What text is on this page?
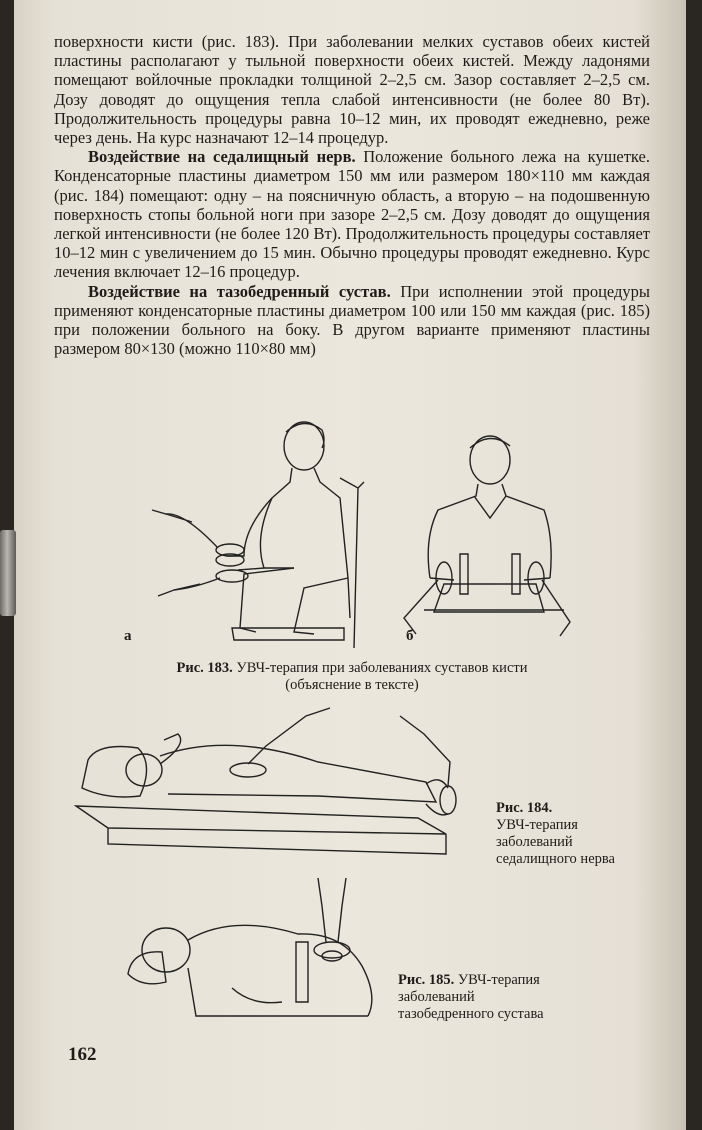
поверхности кисти (рис. 183). При заболевании мелких суставов обеих кистей пластины располагают у тыльной поверхности обеих кистей. Между ладонями помещают войлочные прокладки толщиной 2–2,5 см. Зазор составляет 2–2,5 см. Дозу доводят до ощущения тепла слабой интенсивности (не более 80 Вт). Продолжительность процедуры равна 10–12 мин, их проводят ежедневно, реже через день. На курс назначают 12–14 процедур.

Воздействие на седалищный нерв. Положение больного лежа на кушетке. Конденсаторные пластины диаметром 150 мм или размером 180×110 мм каждая (рис. 184) помещают: одну – на поясничную область, а вторую – на подошвенную поверхность стопы больной ноги при зазоре 2–2,5 см. Дозу доводят до ощущения легкой интенсивности (не более 120 Вт). Продолжительность процедуры составляет 10–12 мин с увеличением до 15 мин. Обычно процедуры проводят ежедневно. Курс лечения включает 12–16 процедур.

Воздействие на тазобедренный сустав. При исполнении этой процедуры применяют конденсаторные пластины диаметром 100 или 150 мм каждая (рис. 185) при положении больного на боку. В другом варианте применяют пластины размером 80×130 (можно 110×80 мм)

а	б
Рис. 183. УВЧ-терапия при заболеваниях суставов кисти
(объяснение в тексте)
Рис. 184.
УВЧ-терапия
заболеваний
седалищного нерва
Рис. 185. УВЧ-терапия
заболеваний
тазобедренного сустава
162
